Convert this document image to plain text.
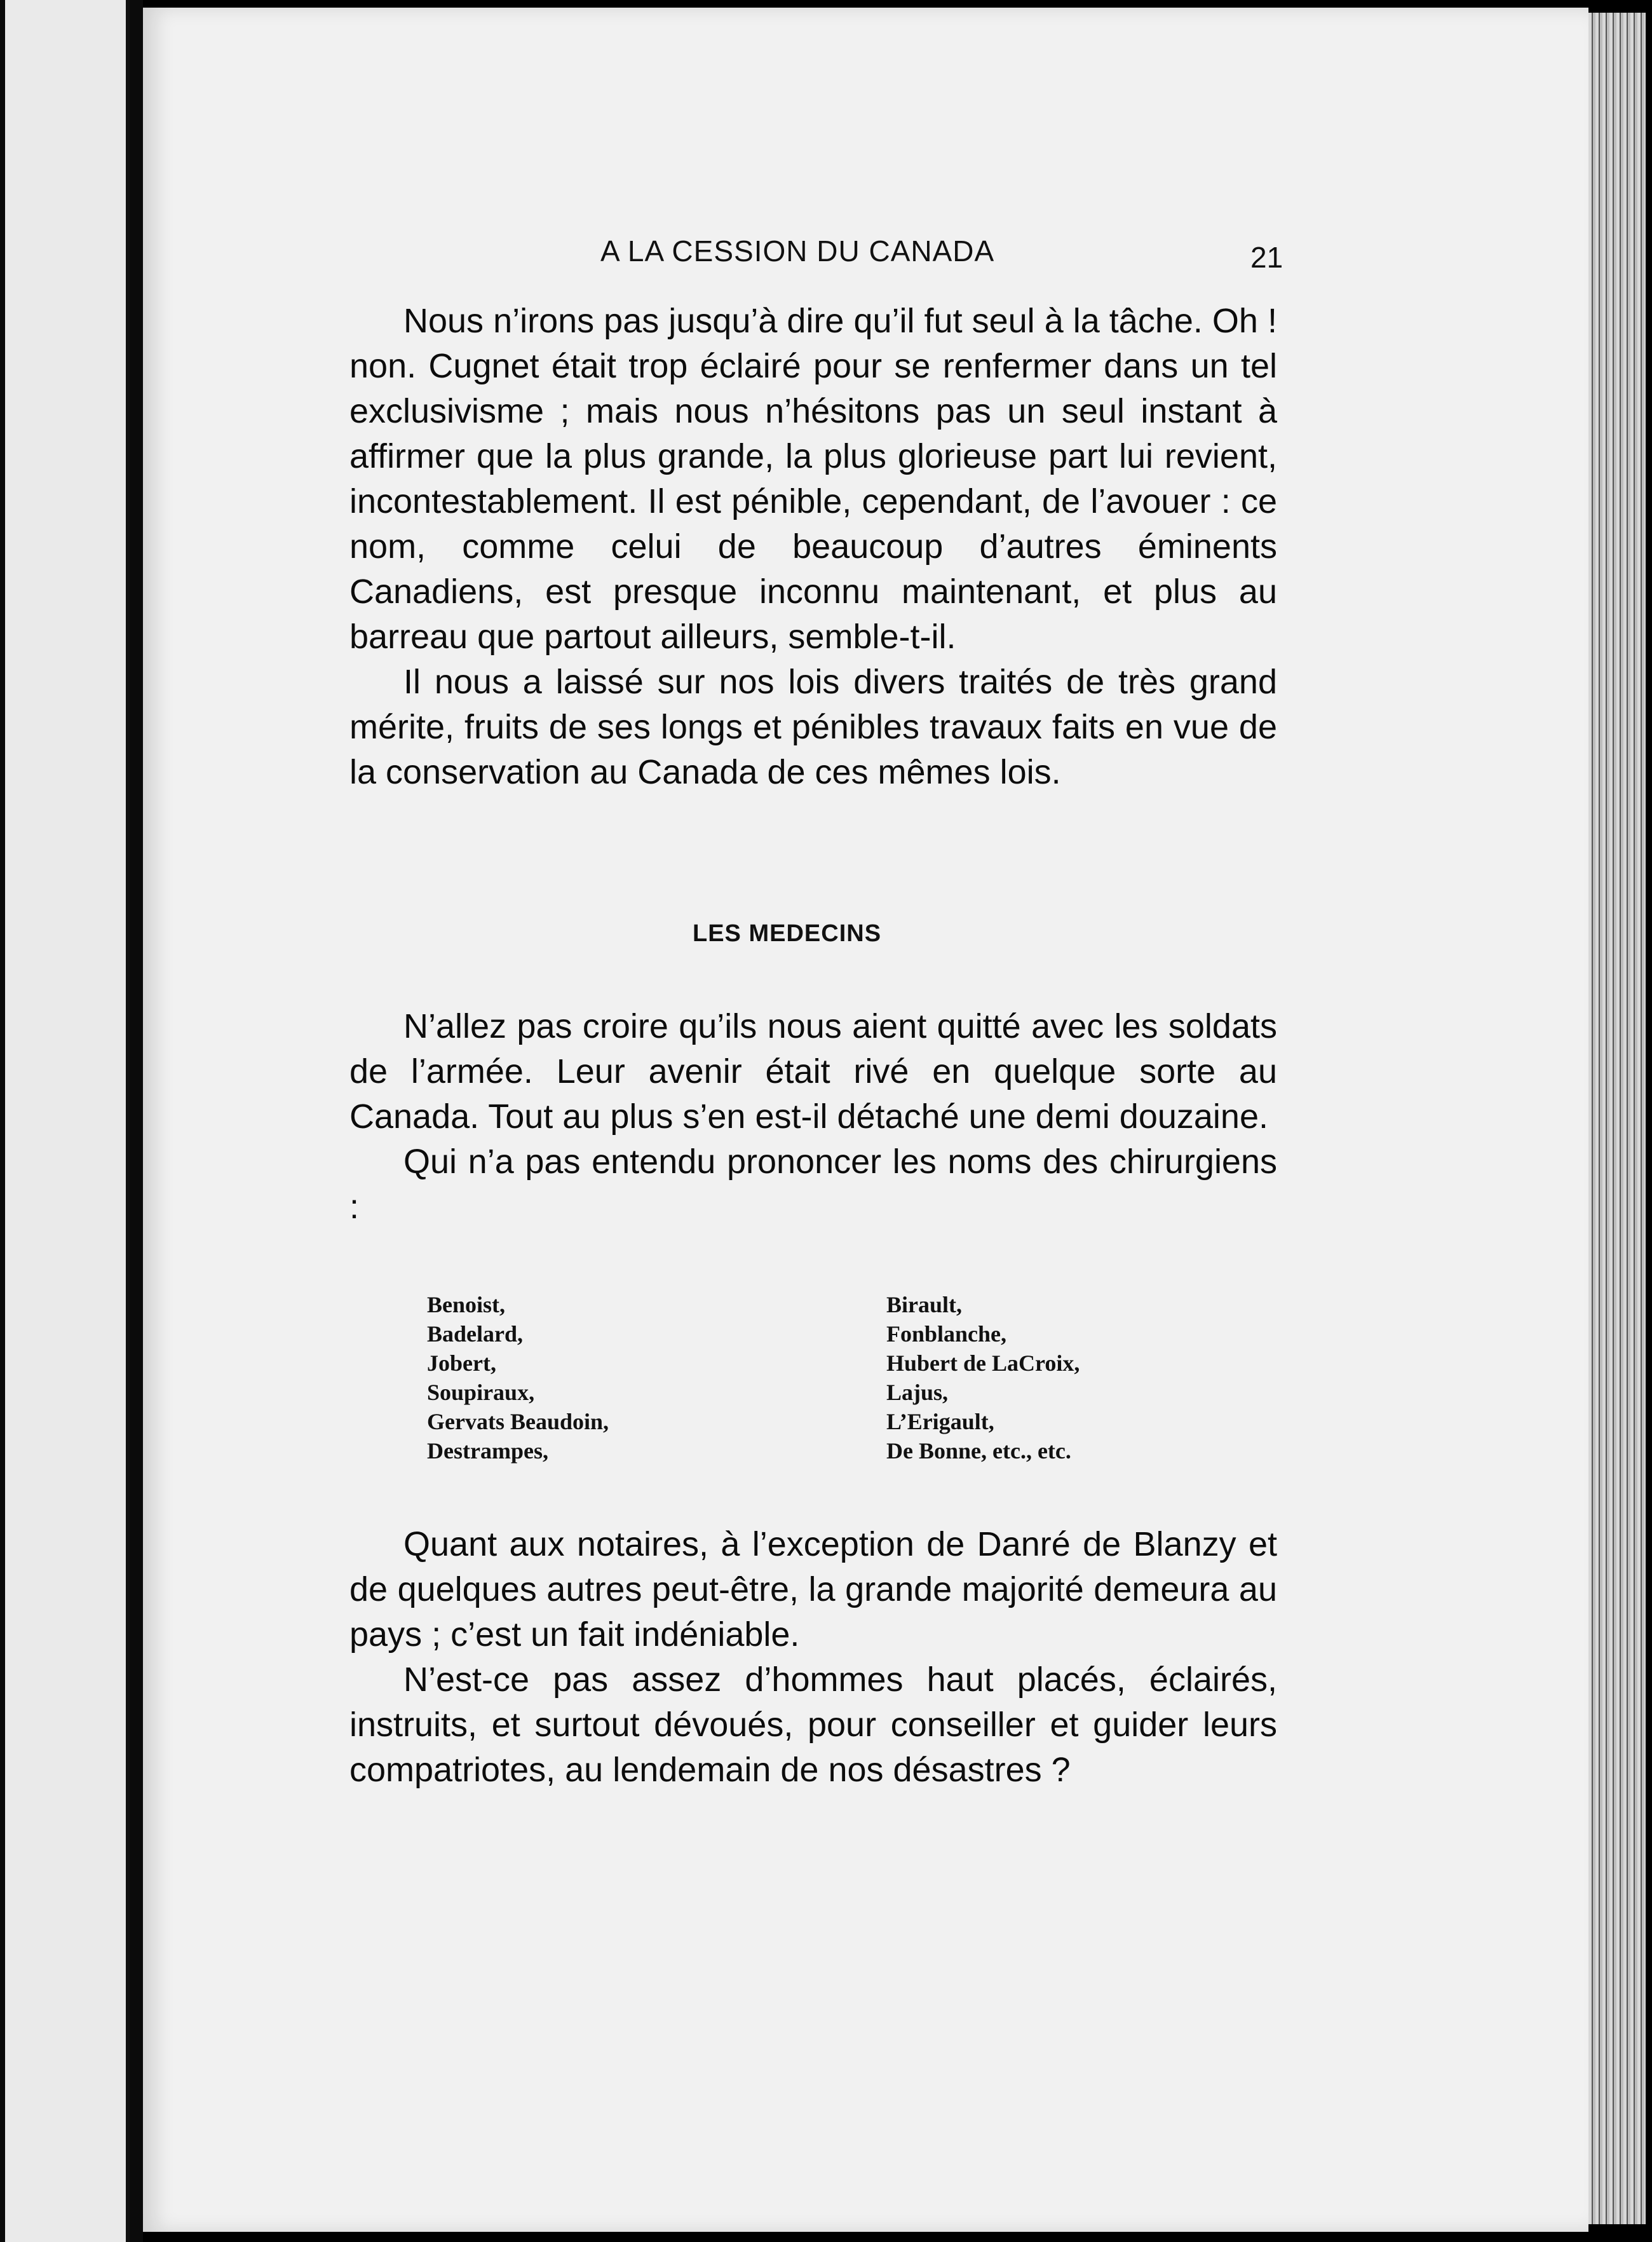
A LA CESSION DU CANADA	21

Nous n’irons pas jusqu’à dire qu’il fut seul à la tâche. Oh ! non. Cugnet était trop éclairé pour se renfermer dans un tel exclusivisme ; mais nous n’hésitons pas un seul instant à affirmer que la plus grande, la plus glorieuse part lui revient, incontestablement. Il est pénible, cependant, de l’avouer : ce nom, comme celui de beaucoup d’autres éminents Canadiens, est presque inconnu maintenant, et plus au barreau que partout ailleurs, semble-t-il.

Il nous a laissé sur nos lois divers traités de très grand mérite, fruits de ses longs et pénibles travaux faits en vue de la conservation au Canada de ces mêmes lois.

LES MEDECINS

N’allez pas croire qu’ils nous aient quitté avec les soldats de l’armée. Leur avenir était rivé en quelque sorte au Canada. Tout au plus s’en est-il détaché une demi douzaine.

Qui n’a pas entendu prononcer les noms des chirurgiens :

Benoist,
Badelard,
Jobert,
Soupiraux,
Gervats Beaudoin,
Destrampes,
Birault,
Fonblanche,
Hubert de LaCroix,
Lajus,
L’Erigault,
De Bonne, etc., etc.

Quant aux notaires, à l’exception de Danré de Blanzy et de quelques autres peut-être, la grande majorité demeura au pays ; c’est un fait indéniable.

N’est-ce pas assez d’hommes haut placés, éclairés, instruits, et surtout dévoués, pour conseiller et guider leurs compatriotes, au lendemain de nos désastres ?
